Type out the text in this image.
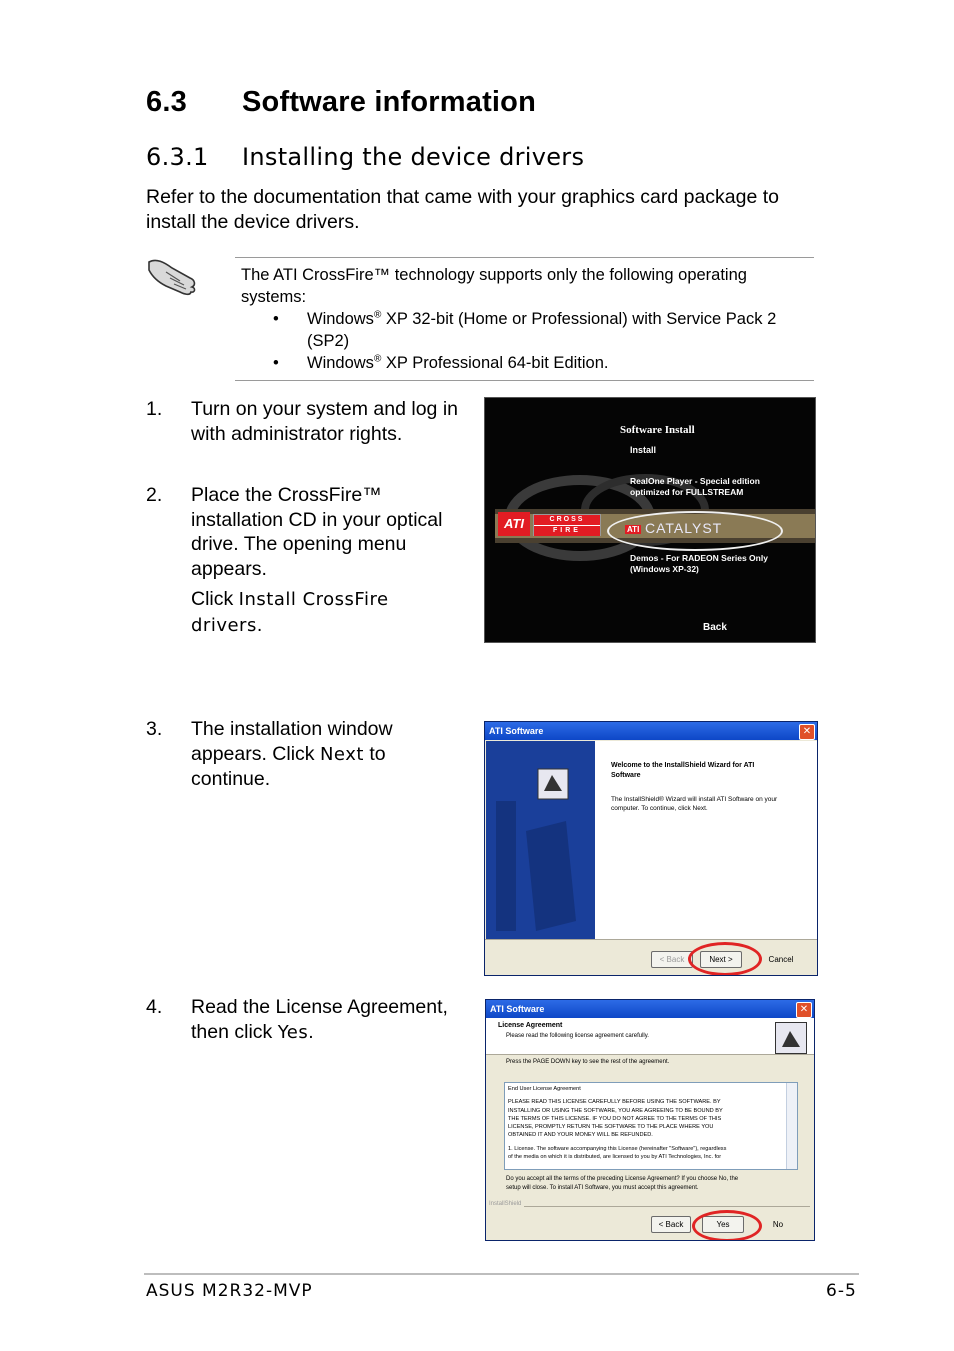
6.3 Software information
6.3.1 Installing the device drivers
Refer to the documentation that came with your graphics card package to install the device drivers.
The ATI CrossFire™ technology supports only the following operating systems:
• Windows® XP 32-bit (Home or Professional) with Service Pack 2 (SP2)
• Windows® XP Professional 64-bit Edition.
1. Turn on your system and log in with administrator rights.
2. Place the CrossFire™ installation CD in your optical drive. The opening menu appears.
Click Install CrossFire drivers.
3. The installation window appears. Click Next to continue.
4. Read the License Agreement, then click Yes.
Software Install
Install
RealOne Player - Special edition
optimized for FULLSTREAM
ATI	CROSS
FIRE	ATI CATALYST
Demos - For RADEON Series Only
(Windows XP-32)
Back
ATI Software	✕
Welcome to the InstallShield Wizard for ATI
Software
The InstallShield® Wizard will install ATI Software on your
computer. To continue, click Next.
< Back	Next >	Cancel
ATI Software	✕
License Agreement
Please read the following license agreement carefully.
Press the PAGE DOWN key to see the rest of the agreement.
End User License Agreement
PLEASE READ THIS LICENSE CAREFULLY BEFORE USING THE SOFTWARE. BY
INSTALLING OR USING THE SOFTWARE, YOU ARE AGREEING TO BE BOUND BY
THE TERMS OF THIS LICENSE. IF YOU DO NOT AGREE TO THE TERMS OF THIS
LICENSE, PROMPTLY RETURN THE SOFTWARE TO THE PLACE WHERE YOU
OBTAINED IT AND YOUR MONEY WILL BE REFUNDED.
1. License. The software accompanying this License (hereinafter "Software"), regardless
of the media on which it is distributed, are licensed to you by ATI Technologies, Inc. for
Do you accept all the terms of the preceding License Agreement? If you choose No, the
setup will close. To install ATI Software, you must accept this agreement.
InstallShield
< Back	Yes	No
ASUS M2R32-MVP	6-5
